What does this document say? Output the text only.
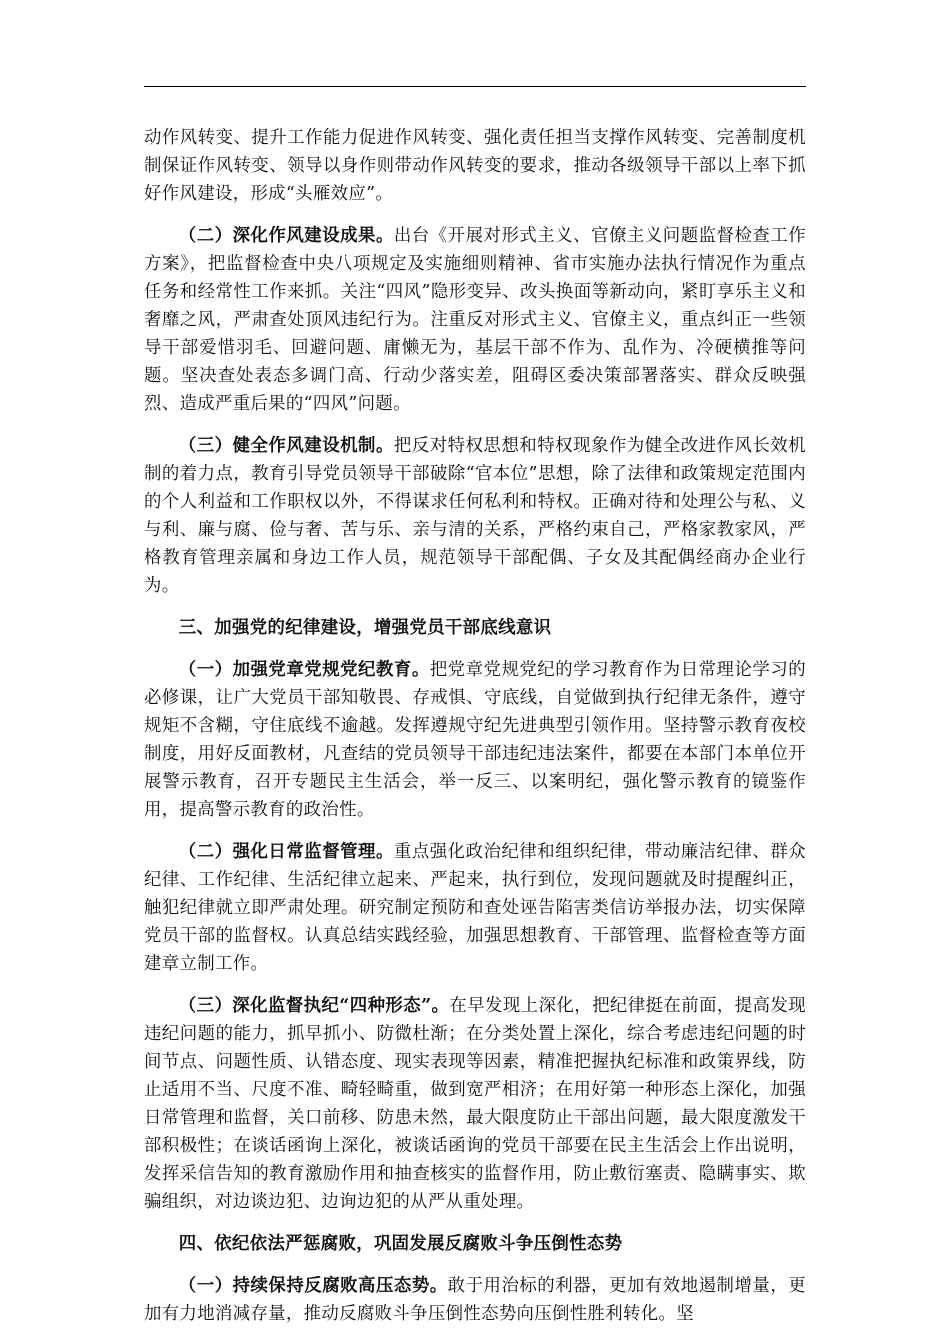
动作风转变、提升工作能力促进作风转变、强化责任担当支撑作风转变、完善制度机制保证作风转变、领导以身作则带动作风转变的要求，推动各级领导干部以上率下抓好作风建设，形成“头雁效应”。

（二）深化作风建设成果。出台《开展对形式主义、官僚主义问题监督检查工作方案》，把监督检查中央八项规定及实施细则精神、省市实施办法执行情况作为重点任务和经常性工作来抓。关注“四风”隐形变异、改头换面等新动向，紧盯享乐主义和奢靡之风，严肃查处顶风违纪行为。注重反对形式主义、官僚主义，重点纠正一些领导干部爱惜羽毛、回避问题、庸懒无为，基层干部不作为、乱作为、冷硬横推等问题。坚决查处表态多调门高、行动少落实差，阻碍区委决策部署落实、群众反映强烈、造成严重后果的“四风”问题。

（三）健全作风建设机制。把反对特权思想和特权现象作为健全改进作风长效机制的着力点，教育引导党员领导干部破除“官本位”思想，除了法律和政策规定范围内的个人利益和工作职权以外，不得谋求任何私利和特权。正确对待和处理公与私、义与利、廉与腐、俭与奢、苦与乐、亲与清的关系，严格约束自己，严格家教家风，严格教育管理亲属和身边工作人员，规范领导干部配偶、子女及其配偶经商办企业行为。

三、加强党的纪律建设，增强党员干部底线意识

（一）加强党章党规党纪教育。把党章党规党纪的学习教育作为日常理论学习的必修课，让广大党员干部知敬畏、存戒惧、守底线，自觉做到执行纪律无条件，遵守规矩不含糊，守住底线不逾越。发挥遵规守纪先进典型引领作用。坚持警示教育夜校制度，用好反面教材，凡查结的党员领导干部违纪违法案件，都要在本部门本单位开展警示教育，召开专题民主生活会，举一反三、以案明纪，强化警示教育的镜鉴作用，提高警示教育的政治性。

（二）强化日常监督管理。重点强化政治纪律和组织纪律，带动廉洁纪律、群众纪律、工作纪律、生活纪律立起来、严起来，执行到位，发现问题就及时提醒纠正，触犯纪律就立即严肃处理。研究制定预防和查处诬告陷害类信访举报办法，切实保障党员干部的监督权。认真总结实践经验，加强思想教育、干部管理、监督检查等方面建章立制工作。

（三）深化监督执纪“四种形态”。在早发现上深化，把纪律挺在前面，提高发现违纪问题的能力，抓早抓小、防微杜渐；在分类处置上深化，综合考虑违纪问题的时间节点、问题性质、认错态度、现实表现等因素，精准把握执纪标准和政策界线，防止适用不当、尺度不准、畸轻畸重，做到宽严相济；在用好第一种形态上深化，加强日常管理和监督，关口前移、防患未然，最大限度防止干部出问题，最大限度激发干部积极性；在谈话函询上深化，被谈话函询的党员干部要在民主生活会上作出说明，发挥采信告知的教育激励作用和抽查核实的监督作用，防止敷衍塞责、隐瞒事实、欺骗组织，对边谈边犯、边询边犯的从严从重处理。

四、依纪依法严惩腐败，巩固发展反腐败斗争压倒性态势

（一）持续保持反腐败高压态势。敢于用治标的利器，更加有效地遏制增量，更加有力地消减存量，推动反腐败斗争压倒性态势向压倒性胜利转化。坚
